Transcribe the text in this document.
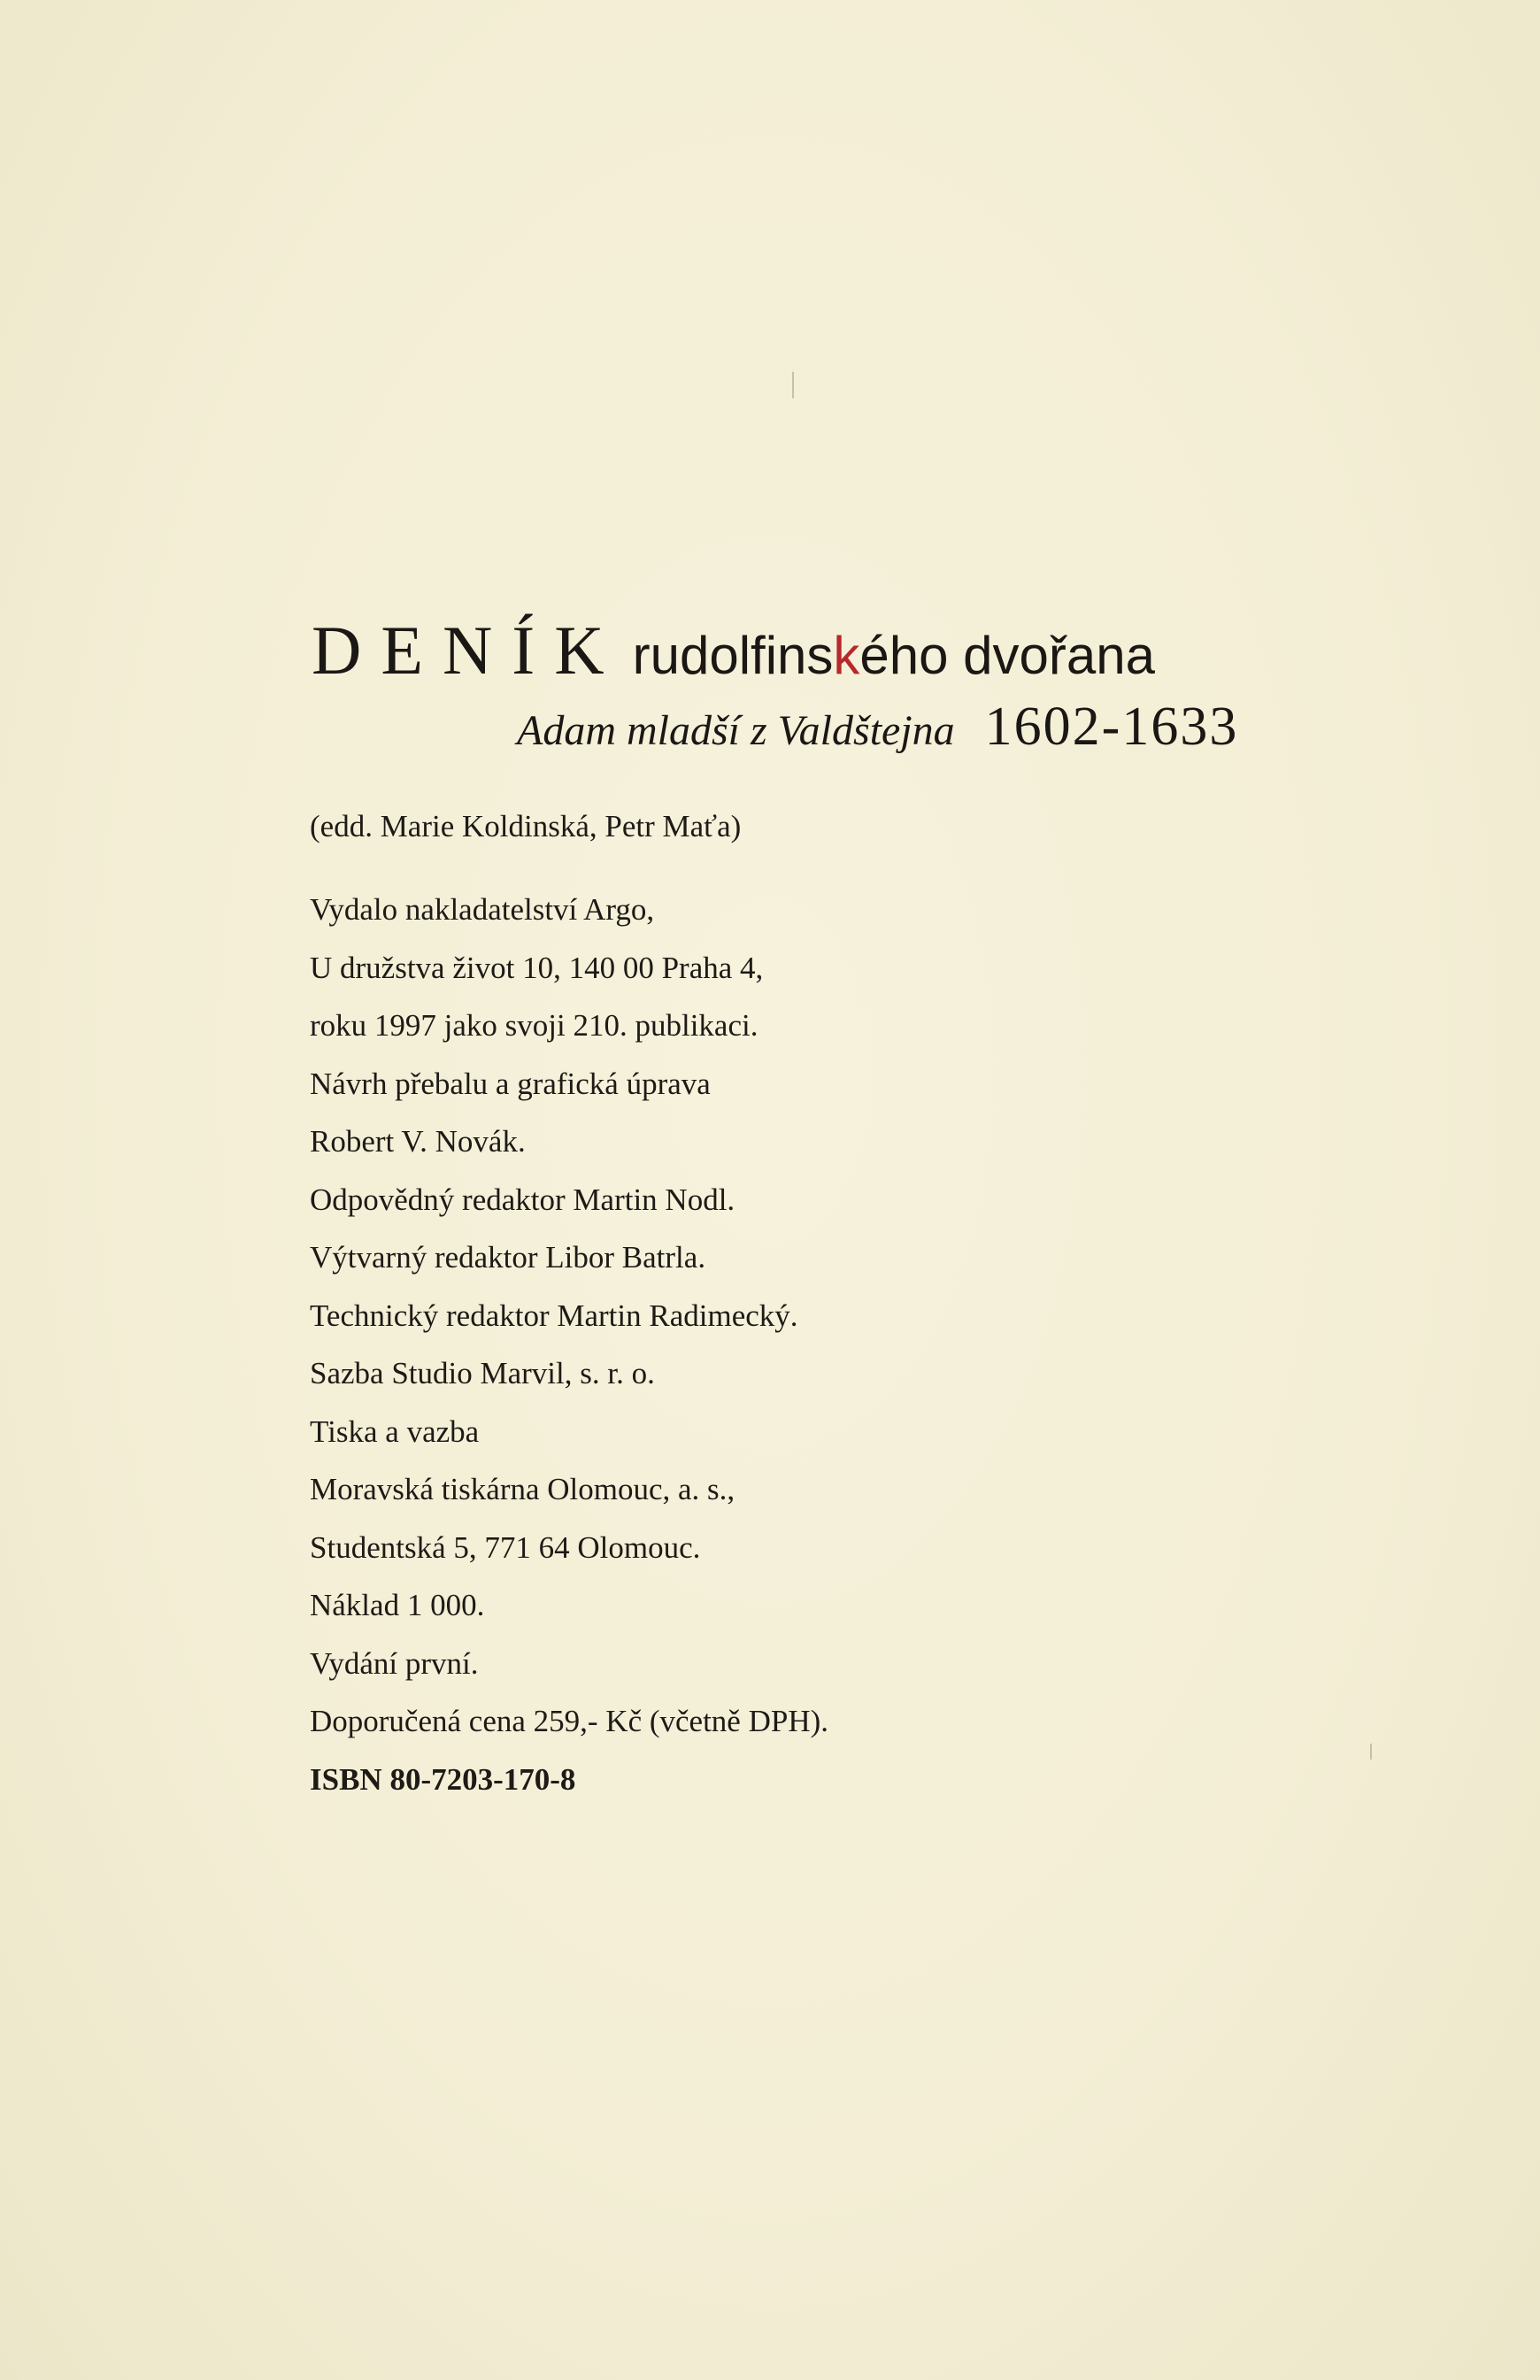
DENÍK rudolfinského dvořana
Adam mladší z Valdštejna 1602-1633
(edd. Marie Koldinská, Petr Maťa)
Vydalo nakladatelství Argo,
U družstva život 10, 140 00 Praha 4,
roku 1997 jako svoji 210. publikaci.
Návrh přebalu a grafická úprava
Robert V. Novák.
Odpovědný redaktor Martin Nodl.
Výtvarný redaktor Libor Batrla.
Technický redaktor Martin Radimecký.
Sazba Studio Marvil, s. r. o.
Tiska a vazba
Moravská tiskárna Olomouc, a. s.,
Studentská 5, 771 64 Olomouc.
Náklad 1 000.
Vydání první.
Doporučená cena 259,- Kč (včetně DPH).
ISBN 80-7203-170-8
